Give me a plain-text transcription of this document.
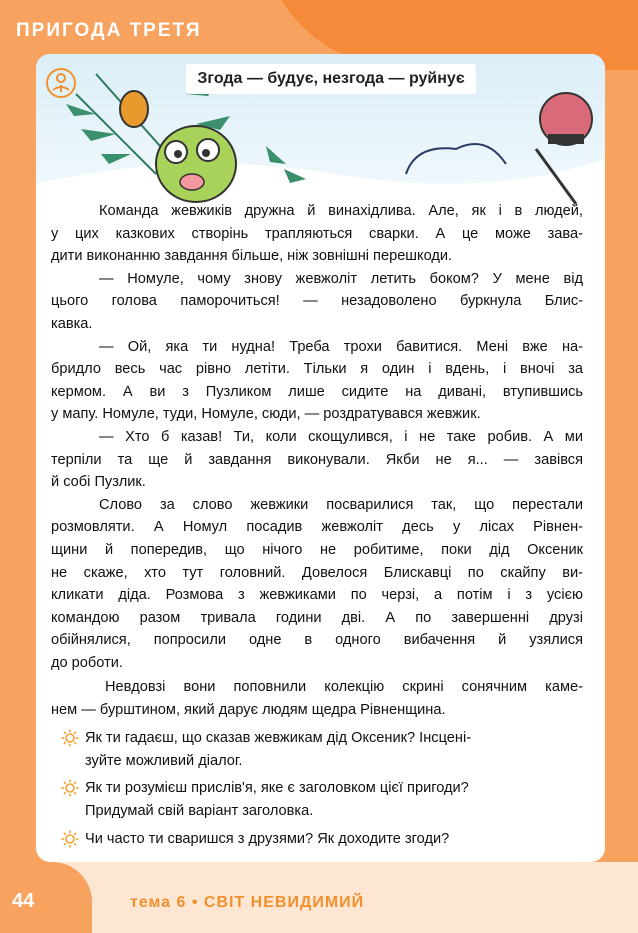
ПРИГОДА ТРЕТЯ
Згода — будує, незгода — руйнує
Команда жевжиків дружна й винахідлива. Але, як і в людей,
у цих казкових створінь трапляються сварки. А це може зава-
дити виконанню завдання більше, ніж зовнішні перешкоди.
— Номуле, чому знову жевжоліт летить боком? У мене від
цього голова паморочиться! — незадоволено буркнула Блис-
кавка.
— Ой, яка ти нудна! Треба трохи бавитися. Мені вже на-
бридло весь час рівно летіти. Тільки я один і вдень, і вночі за
кермом. А ви з Пузликом лише сидите на дивані, втупившись
у мапу. Номуле, туди, Номуле, сюди, — роздратувався жевжик.
— Хто б казав! Ти, коли скощулився, і не таке робив. А ми
терпіли та ще й завдання виконували. Якби не я... — завівся
й собі Пузлик.
Слово за слово жевжики посварилися так, що перестали
розмовляти. А Номул посадив жевжоліт десь у лісах Рівнен-
щини й попередив, що нічого не робитиме, поки дід Оксеник
не скаже, хто тут головний. Довелося Блискавці по скайпу ви-
кликати діда. Розмова з жевжиками по черзі, а потім і з усією
командою разом тривала години дві. А по завершенні друзі
обійнялися, попросили одне в одного вибачення й узялися
до роботи.
Невдовзі вони поповнили колекцію скрині сонячним каме-
нем — бурштином, який дарує людям щедра Рівненщина.
Як ти гадаєш, що сказав жевжикам дід Оксеник? Інсцені-
зуйте можливий діалог.
Як ти розумієш прислів'я, яке є заголовком цієї пригоди?
Придумай свій варіант заголовка.
Чи часто ти сваришся з друзями? Як доходите згоди?
44	тема 6 • СВІТ НЕВИДИМИЙ
